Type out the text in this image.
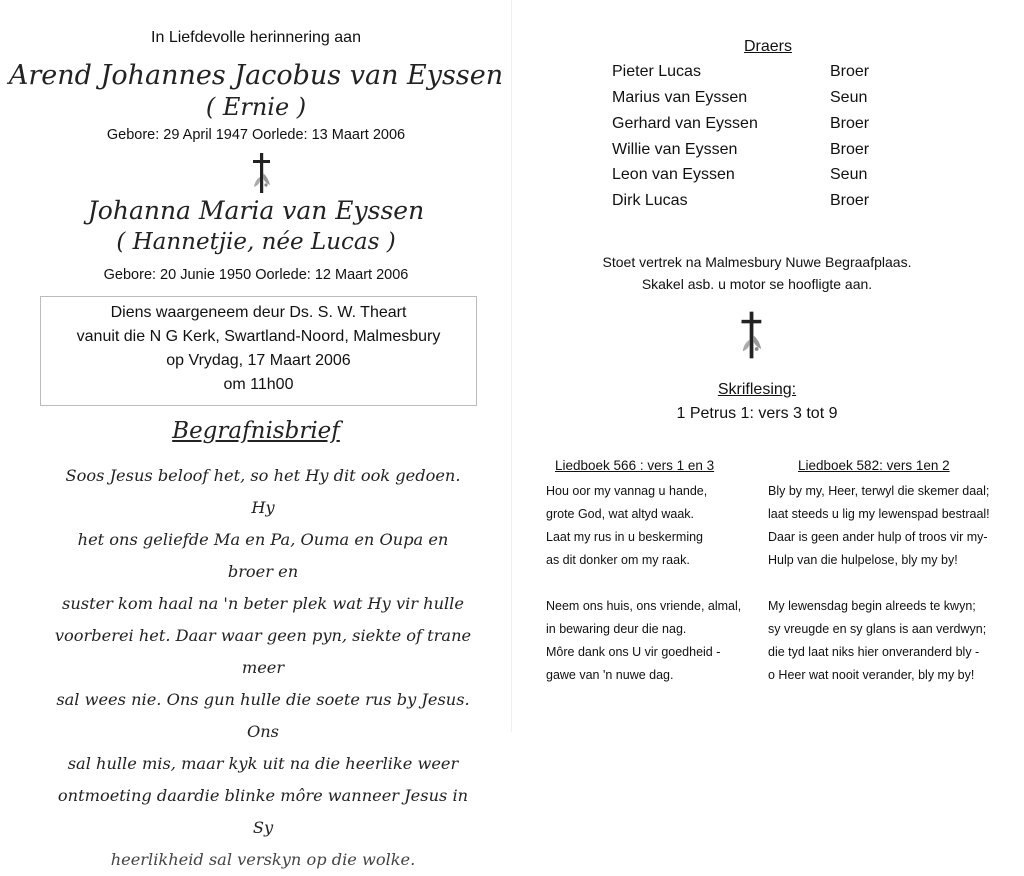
In Liefdevolle herinnering aan
Arend Johannes Jacobus van Eyssen
( Ernie )
Gebore: 29 April 1947 Oorlede: 13 Maart 2006
Johanna Maria van Eyssen
( Hannetjie, née Lucas )
Gebore: 20 Junie 1950 Oorlede: 12 Maart 2006
Diens waargeneem deur Ds. S. W. Theart
vanuit die N G Kerk, Swartland-Noord, Malmesbury
op Vrydag, 17 Maart 2006
om 11h00
Begrafnisbrief
Soos Jesus beloof het, so het Hy dit ook gedoen. Hy
het ons geliefde Ma en Pa, Ouma en Oupa en broer en
suster kom haal na 'n beter plek wat Hy vir hulle
voorberei het. Daar waar geen pyn, siekte of trane meer
sal wees nie. Ons gun hulle die soete rus by Jesus. Ons
sal hulle mis, maar kyk uit na die heerlike weer
ontmoeting daardie blinke môre wanneer Jesus in Sy
heerlikheid sal verskyn op die wolke.
Draers
Pieter Lucas	Broer
Marius van Eyssen	Seun
Gerhard van Eyssen	Broer
Willie van Eyssen	Broer
Leon van Eyssen	Seun
Dirk Lucas	Broer
Stoet vertrek na Malmesbury Nuwe Begraafplaas.
Skakel asb. u motor se hoofligte aan.
Skriflesing:
1 Petrus 1: vers 3 tot 9
Liedboek 566 : vers 1 en 3
Hou oor my vannag u hande,
grote God, wat altyd waak.
Laat my rus in u beskerming
as dit donker om my raak.
Neem ons huis, ons vriende, almal,
in bewaring deur die nag.
Môre dank ons U vir goedheid -
gawe van 'n nuwe dag.
Liedboek 582: vers 1en 2
Bly by my, Heer, terwyl die skemer daal;
laat steeds u lig my lewenspad bestraal!
Daar is geen ander hulp of troos vir my-
Hulp van die hulpelose, bly my by!
My lewensdag begin alreeds te kwyn;
sy vreugde en sy glans is aan verdwyn;
die tyd laat niks hier onveranderd bly -
o Heer wat nooit verander, bly my by!
